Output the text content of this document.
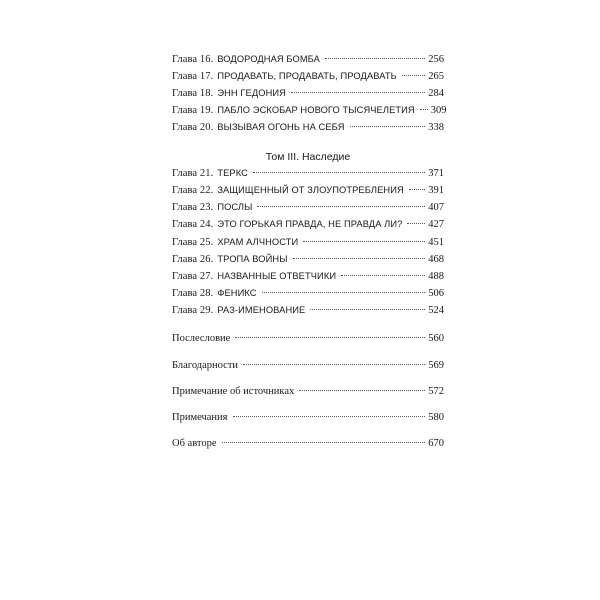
Глава 16. ВОДОРОДНАЯ БОМБА	256
Глава 17. ПРОДАВАТЬ, ПРОДАВАТЬ, ПРОДАВАТЬ	265
Глава 18. ЭНН ГЕДОНИЯ	284
Глава 19. ПАБЛО ЭСКОБАР НОВОГО ТЫСЯЧЕЛЕТИЯ 309
Глава 20. ВЫЗЫВАЯ ОГОНЬ НА СЕБЯ	338
Том III. Наследие
Глава 21. ТЕРКС	371
Глава 22. ЗАЩИЩЕННЫЙ ОТ ЗЛОУПОТРЕБЛЕНИЯ 391
Глава 23. ПОСЛЫ	407
Глава 24. ЭТО ГОРЬКАЯ ПРАВДА, НЕ ПРАВДА ЛИ? 427
Глава 25. ХРАМ АЛЧНОСТИ	451
Глава 26. ТРОПА ВОЙНЫ	468
Глава 27. НАЗВАННЫЕ ОТВЕТЧИКИ	488
Глава 28. ФЕНИКС	506
Глава 29. РАЗ-ИМЕНОВАНИЕ	524
Послесловие	560
Благодарности	569
Примечание об источниках	572
Примечания	580
Об авторе	670
